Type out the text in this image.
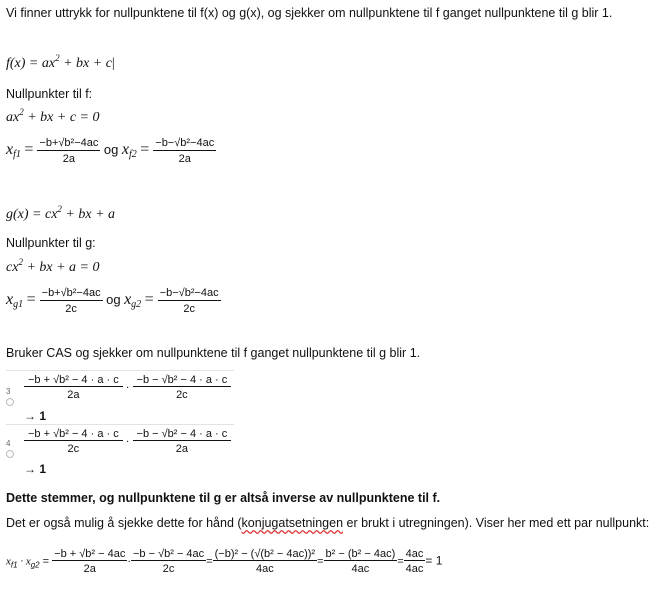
Vi finner uttrykk for nullpunktene til f(x) og g(x), og sjekker om nullpunktene til f ganget nullpunktene til g blir 1.
$f(x) = ax^2$ + bx + c|
Nullpunkter til f:
$ax^2$ + bx + c = 0
$x_{f1} = \frac{\text{−b+√b²−4ac}}{2a}$ og $x_{f2} = \frac{\text{−b−√b²−4ac}}{2a}$
$g(x) = cx^2$ + bx + a
Nullpunkter til g:
$cx^2$ + bx + a = 0
$x_{g1} = \frac{\text{−b+√b²−4ac}}{2c}$ og $x_{g2} = \frac{\text{−b−√b²−4ac}}{2c}$
Bruker CAS og sjekker om nullpunktene til f ganget nullpunktene til g blir 1.
$3 \frac{\text{−b + √b² − 4 · a · c}}{2a} \cdot \frac{\text{−b − √b² − 4 · a · c}}{2c}$
→ 1
$4 \frac{\text{−b + √b² − 4 · a · c}}{2c} \cdot \frac{\text{−b − √b² − 4 · a · c}}{2a}$
→ 1
Dette stemmer, og nullpunktene til g er altså inverse av nullpunktene til f.
Det er også mulig å sjekke dette for hånd (konjugatsetningen er brukt i utregningen). Viser her med ett par nullpunkt:
$x_{f1} \cdot x_{g2} = \frac{\text{−b + √b² − 4ac}}{2a} \cdot \frac{\text{−b − √b² − 4ac}}{2c} = \frac{\text{(−b)² − (√(b² − 4ac))²}}{4ac} = \frac{\text{b² − (b² − 4ac)}}{4ac} = \frac{4ac}{4ac} = 1$
